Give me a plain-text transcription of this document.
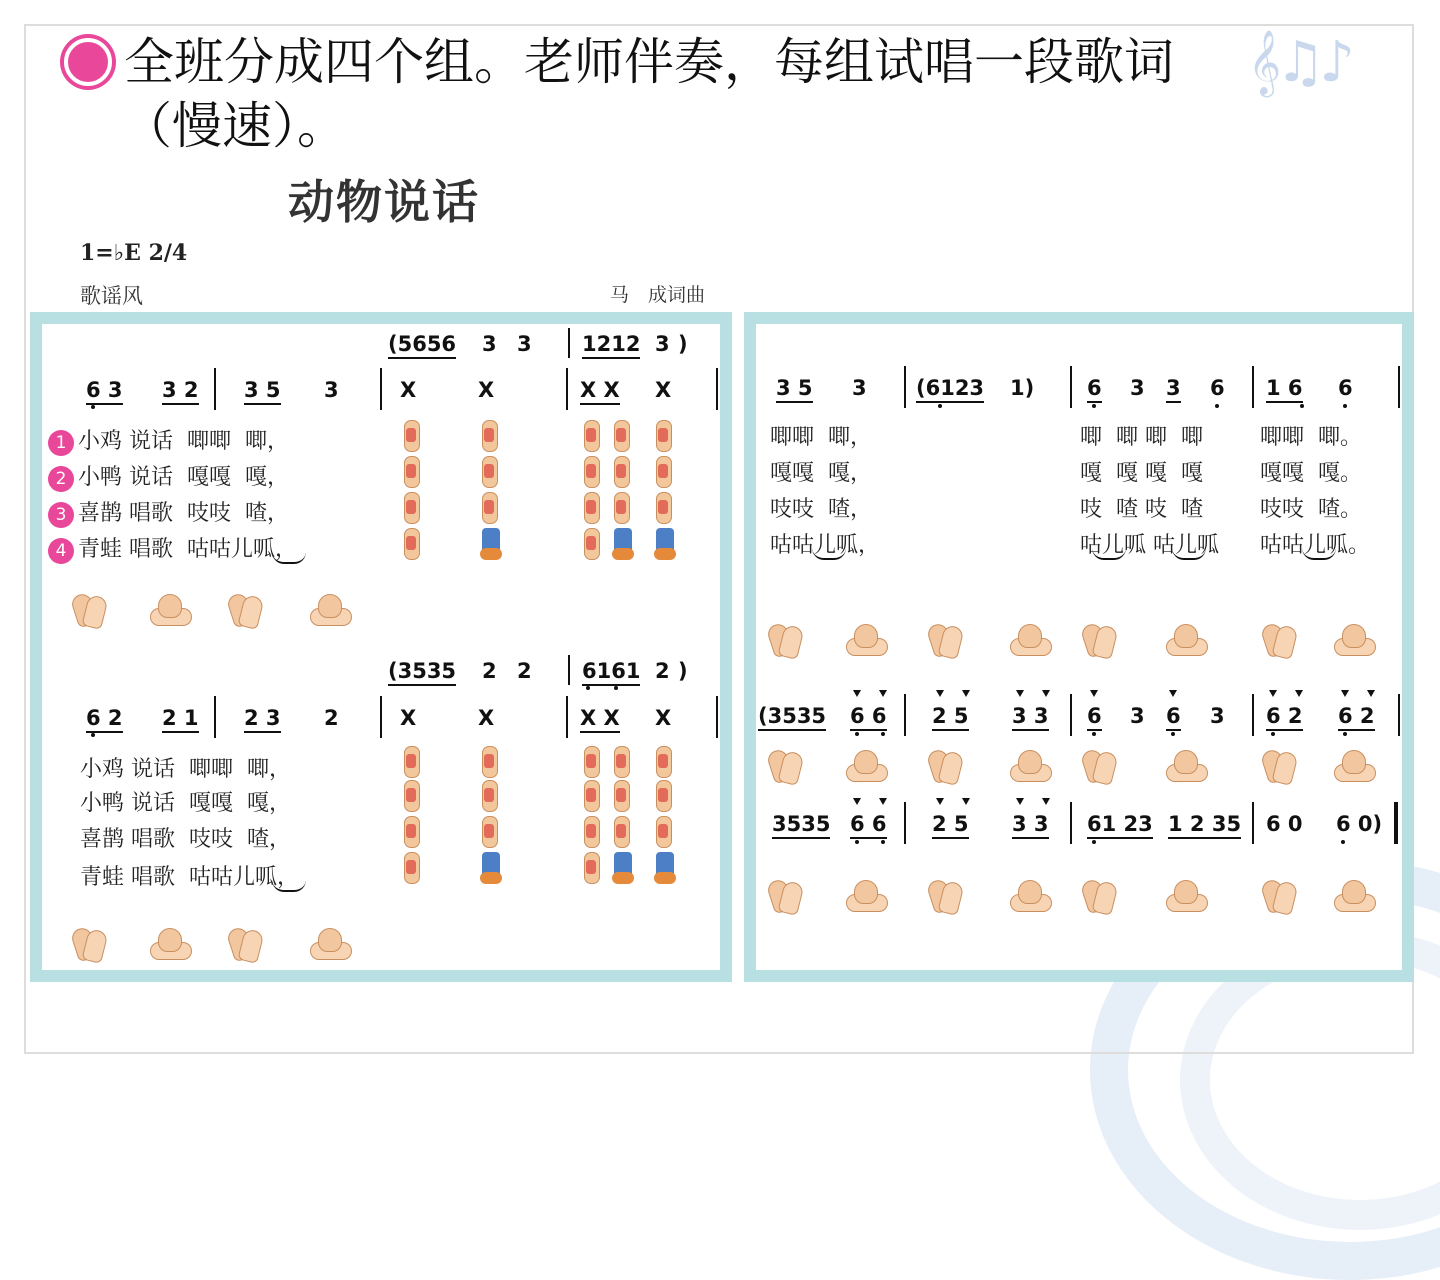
全班分成四个组。老师伴奏，每组试唱一段歌词
（慢速）。
𝄞♫♪
动物说话
1=♭E 2/4
歌谣风	马　成词曲
(5656 3 3 1212 3 )
6 3 3 2 3 5 3	X	X	X X X
1 小鸡 说话  唧唧  唧，
2 小鸭 说话  嘎嘎  嘎，
3 喜鹊 唱歌  吱吱  喳，
4 青蛙 唱歌  咕咕儿呱，
(3535 2 2 6161 2 )
6 2 2 1 2 3 2	X	X	X X X
小鸡 说话  唧唧  唧，
小鸭 说话  嘎嘎  嘎，
喜鹊 唱歌  吱吱  喳，
青蛙 唱歌  咕咕儿呱，
3 5 3 (6123 1)	6 3 3 6 1 6 6
唧唧  唧，
嘎嘎  嘎，
吱吱  喳，
咕咕儿呱，
唧  唧 唧  唧
嘎  嘎 嘎  嘎
吱  喳 吱  喳
咕儿呱 咕儿呱
唧唧  唧。
嘎嘎  嘎。
吱吱  喳。
咕咕儿呱。
(3535 6 6 2 5 3 3 6 3 6 3 6 2 6 2
3535 6 6 2 5 3 3 61 23 1 2 35 6 0 6 0)
